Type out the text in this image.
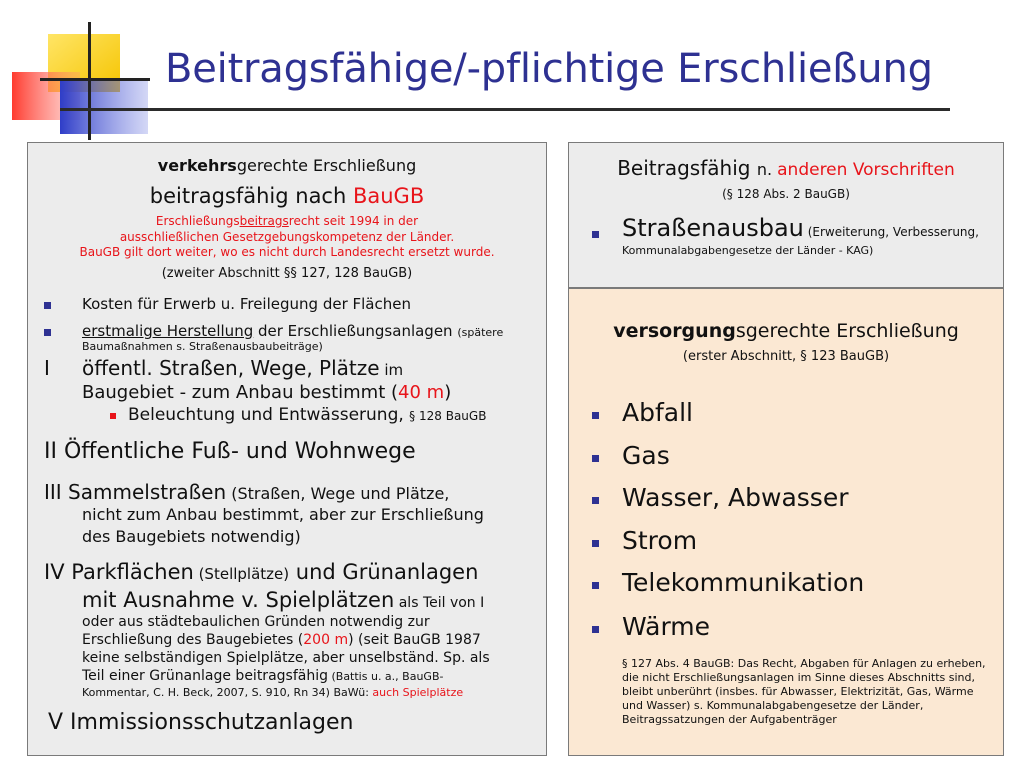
Beitragsfähige/-pflichtige Erschließung
verkehrsgerechte Erschließung
beitragsfähig nach BauGB
Erschließungsbeitragsrecht seit 1994 in der
ausschließlichen Gesetzgebungskompetenz der Länder.
BauGB gilt dort weiter, wo es nicht durch Landesrecht ersetzt wurde.
(zweiter Abschnitt §§ 127, 128 BauGB)
Kosten für Erwerb u. Freilegung der Flächen
erstmalige Herstellung der Erschließungsanlagen (spätere
Baumaßnahmen s. Straßenausbaubeiträge)
I öffentl. Straßen, Wege, Plätze im
Baugebiet - zum Anbau bestimmt (40 m)
Beleuchtung und Entwässerung, § 128 BauGB
II Öffentliche Fuß- und Wohnwege
III Sammelstraßen (Straßen, Wege und Plätze,
nicht zum Anbau bestimmt, aber zur Erschließung
des Baugebiets notwendig)
IV Parkflächen (Stellplätze) und Grünanlagen
mit Ausnahme v. Spielplätzen als Teil von I
oder aus städtebaulichen Gründen notwendig zur
Erschließung des Baugebietes (200 m) (seit BauGB 1987
keine selbständigen Spielplätze, aber unselbständ. Sp. als
Teil einer Grünanlage beitragsfähig (Battis u. a., BauGB-
Kommentar, C. H. Beck, 2007, S. 910, Rn 34) BaWü: auch Spielplätze
V Immissionsschutzanlagen
Beitragsfähig n. anderen Vorschriften
(§ 128 Abs. 2 BauGB)
Straßenausbau (Erweiterung, Verbesserung,
Kommunalabgabengesetze der Länder - KAG)
versorgungsgerechte Erschließung
(erster Abschnitt, § 123 BauGB)
Abfall
Gas
Wasser, Abwasser
Strom
Telekommunikation
Wärme
§ 127 Abs. 4 BauGB: Das Recht, Abgaben für Anlagen zu erheben,
die nicht Erschließungsanlagen im Sinne dieses Abschnitts sind,
bleibt unberührt (insbes. für Abwasser, Elektrizität, Gas, Wärme
und Wasser) s. Kommunalabgabengesetze der Länder,
Beitragssatzungen der Aufgabenträger
